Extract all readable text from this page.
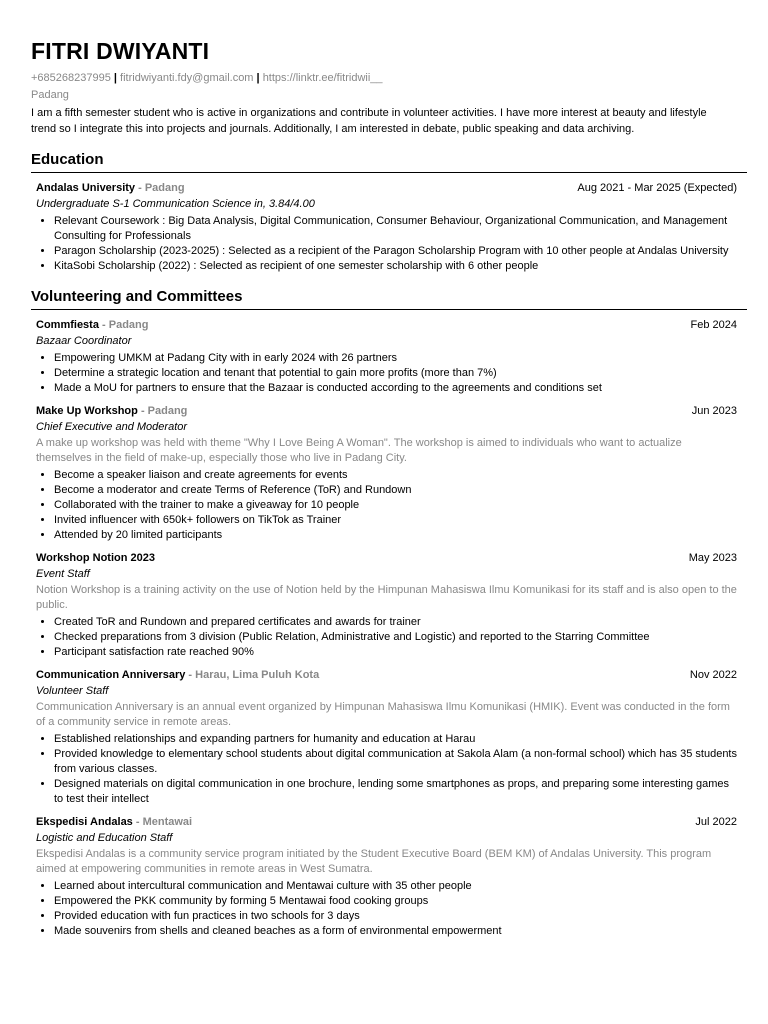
FITRI DWIYANTI
+685268237995 | fitridwiyanti.fdy@gmail.com | https://linktr.ee/fitridwii__
Padang
I am a fifth semester student who is active in organizations and contribute in volunteer activities. I have more interest at beauty and lifestyle trend so I integrate this into projects and journals. Additionally, I am interested in debate, public speaking and data archiving.
Education
Andalas University - Padang	Aug 2021 - Mar 2025 (Expected)
Undergraduate S-1 Communication Science in, 3.84/4.00
• Relevant Coursework : Big Data Analysis, Digital Communication, Consumer Behaviour, Organizational Communication, and Management Consulting for Professionals
• Paragon Scholarship (2023-2025) : Selected as a recipient of the Paragon Scholarship Program with 10 other people at Andalas University
• KitaSobi Scholarship (2022) : Selected as recipient of one semester scholarship with 6 other people
Volunteering and Committees
Commfiesta - Padang	Feb 2024
Bazaar Coordinator
• Empowering UMKM at Padang City with in early 2024 with 26 partners
• Determine a strategic location and tenant that potential to gain more profits (more than 7%)
• Made a MoU for partners to ensure that the Bazaar is conducted according to the agreements and conditions set
Make Up Workshop - Padang	Jun 2023
Chief Executive and Moderator
A make up workshop was held with theme "Why I Love Being A Woman". The workshop is aimed to individuals who want to actualize themselves in the field of make-up, especially those who live in Padang City.
• Become a speaker liaison and create agreements for events
• Become a moderator and create Terms of Reference (ToR) and Rundown
• Collaborated with the trainer to make a giveaway for 10 people
• Invited influencer with 650k+ followers on TikTok as Trainer
• Attended by 20 limited participants
Workshop Notion 2023	May 2023
Event Staff
Notion Workshop is a training activity on the use of Notion held by the Himpunan Mahasiswa Ilmu Komunikasi for its staff and is also open to the public.
• Created ToR and Rundown and prepared certificates and awards for trainer
• Checked preparations from 3 division (Public Relation, Administrative and Logistic) and reported to the Starring Committee
• Participant satisfaction rate reached 90%
Communication Anniversary - Harau, Lima Puluh Kota	Nov 2022
Volunteer Staff
Communication Anniversary is an annual event organized by Himpunan Mahasiswa Ilmu Komunikasi (HMIK). Event was conducted in the form of a community service in remote areas.
• Established relationships and expanding partners for humanity and education at Harau
• Provided knowledge to elementary school students about digital communication at Sakola Alam (a non-formal school) which has 35 students from various classes.
• Designed materials on digital communication in one brochure, lending some smartphones as props, and preparing some interesting games to test their intellect
Ekspedisi Andalas - Mentawai	Jul 2022
Logistic and Education Staff
Ekspedisi Andalas is a community service program initiated by the Student Executive Board (BEM KM) of Andalas University. This program aimed at empowering communities in remote areas in West Sumatra.
• Learned about intercultural communication and Mentawai culture with 35 other people
• Empowered the PKK community by forming 5 Mentawai food cooking groups
• Provided education with fun practices in two schools for 3 days
• Made souvenirs from shells and cleaned beaches as a form of environmental empowerment
